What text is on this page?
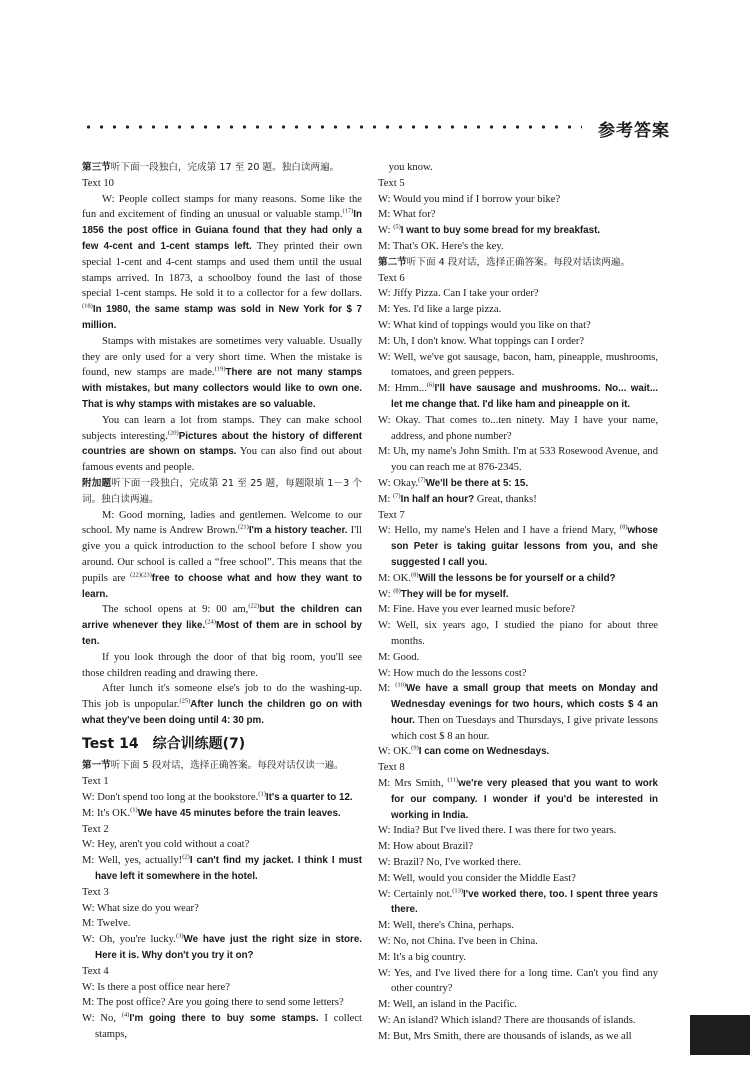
参考答案

第三节听下面一段独白，完成第 17 至 20 题。独白读两遍。

Text 10

W: People collect stamps for many reasons. Some like the fun and excitement of finding an unusual or valuable stamp.$^{(17)}$In 1856 the post office in Guiana found that they had only a few 4-cent and 1-cent stamps left. They printed their own special 1-cent and 4-cent stamps and used them until the usual stamps arrived. In 1873, a schoolboy found the last of those special 1-cent stamps. He sold it to a collector for a few dollars.$^{(18)}$In 1980, the same stamp was sold in New York for $ 7 million.

Stamps with mistakes are sometimes very valuable. Usually they are only used for a very short time. When the mistake is found, new stamps are made.$^{(19)}$There are not many stamps with mistakes, but many collectors would like to own one. That is why stamps with mistakes are so valuable.

You can learn a lot from stamps. They can make school subjects interesting.$^{(20)}$Pictures about the history of different countries are shown on stamps. You can also find out about famous events and people.

附加题听下面一段独白，完成第 21 至 25 题，每题限填 1－3 个词。独白读两遍。

M: Good morning, ladies and gentlemen. Welcome to our school. My name is Andrew Brown.$^{(21)}$I'm a history teacher. I'll give you a quick introduction to the school before I show you around. Our school is called a “free school”. This means that the pupils are $^{(22)(23)}$free to choose what and how they want to learn.

The school opens at 9: 00 am,$^{(22)}$but the children can arrive whenever they like.$^{(24)}$Most of them are in school by ten.

If you look through the door of that big room, you'll see those children reading and drawing there.

After lunch it's someone else's job to do the washing-up. This job is unpopular.$^{(25)}$After lunch the children go on with what they've been doing until 4: 30 pm.

Test 14　综合训练题(7)

第一节听下面 5 段对话，选择正确答案。每段对话仅读一遍。

Text 1

W: Don't spend too long at the bookstore.$^{(1)}$It's a quarter to 12.

M: It's OK.$^{(1)}$We have 45 minutes before the train leaves.

Text 2

W: Hey, aren't you cold without a coat?

M: Well, yes, actually!$^{(2)}$I can't find my jacket. I think I must have left it somewhere in the hotel.

Text 3

W: What size do you wear?

M: Twelve.

W: Oh, you're lucky.$^{(3)}$We have just the right size in store. Here it is. Why don't you try it on?

Text 4

W: Is there a post office near here?

M: The post office? Are you going there to send some letters?

W: No, $^{(4)}$I'm going there to buy some stamps. I collect stamps,

　you know.

Text 5

W: Would you mind if I borrow your bike?

M: What for?

W: $^{(5)}$I want to buy some bread for my breakfast.

M: That's OK. Here's the key.

第二节听下面 4 段对话，选择正确答案。每段对话读两遍。

Text 6

W: Jiffy Pizza. Can I take your order?

M: Yes. I'd like a large pizza.

W: What kind of toppings would you like on that?

M: Uh, I don't know. What toppings can I order?

W: Well, we've got sausage, bacon, ham, pineapple, mushrooms, tomatoes, and green peppers.

M: Hmm...$^{(6)}$I'll have sausage and mushrooms. No... wait... let me change that. I'd like ham and pineapple on it.

W: Okay. That comes to...ten ninety. May I have your name, address, and phone number?

M: Uh, my name's John Smith. I'm at 533 Rosewood Avenue, and you can reach me at 876-2345.

W: Okay.$^{(7)}$We'll be there at 5: 15.

M: $^{(7)}$In half an hour? Great, thanks!

Text 7

W: Hello, my name's Helen and I have a friend Mary, $^{(8)}$whose son Peter is taking guitar lessons from you, and she suggested I call you.

M: OK.$^{(8)}$Will the lessons be for yourself or a child?

W: $^{(8)}$They will be for myself.

M: Fine. Have you ever learned music before?

W: Well, six years ago, I studied the piano for about three months.

M: Good.

W: How much do the lessons cost?

M: $^{(10)}$We have a small group that meets on Monday and Wednesday evenings for two hours, which costs $ 4 an hour. Then on Tuesdays and Thursdays, I give private lessons which cost $ 8 an hour.

W: OK.$^{(9)}$I can come on Wednesdays.

Text 8

M: Mrs Smith, $^{(11)}$we're very pleased that you want to work for our company. I wonder if you'd be interested in working in India.

W: India? But I've lived there. I was there for two years.

M: How about Brazil?

W: Brazil? No, I've worked there.

M: Well, would you consider the Middle East?

W: Certainly not.$^{(13)}$I've worked there, too. I spent three years there.

M: Well, there's China, perhaps.

W: No, not China. I've been in China.

M: It's a big country.

W: Yes, and I've lived there for a long time. Can't you find any other country?

M: Well, an island in the Pacific.

W: An island? Which island? There are thousands of islands.

M: But, Mrs Smith, there are thousands of islands, as we all
